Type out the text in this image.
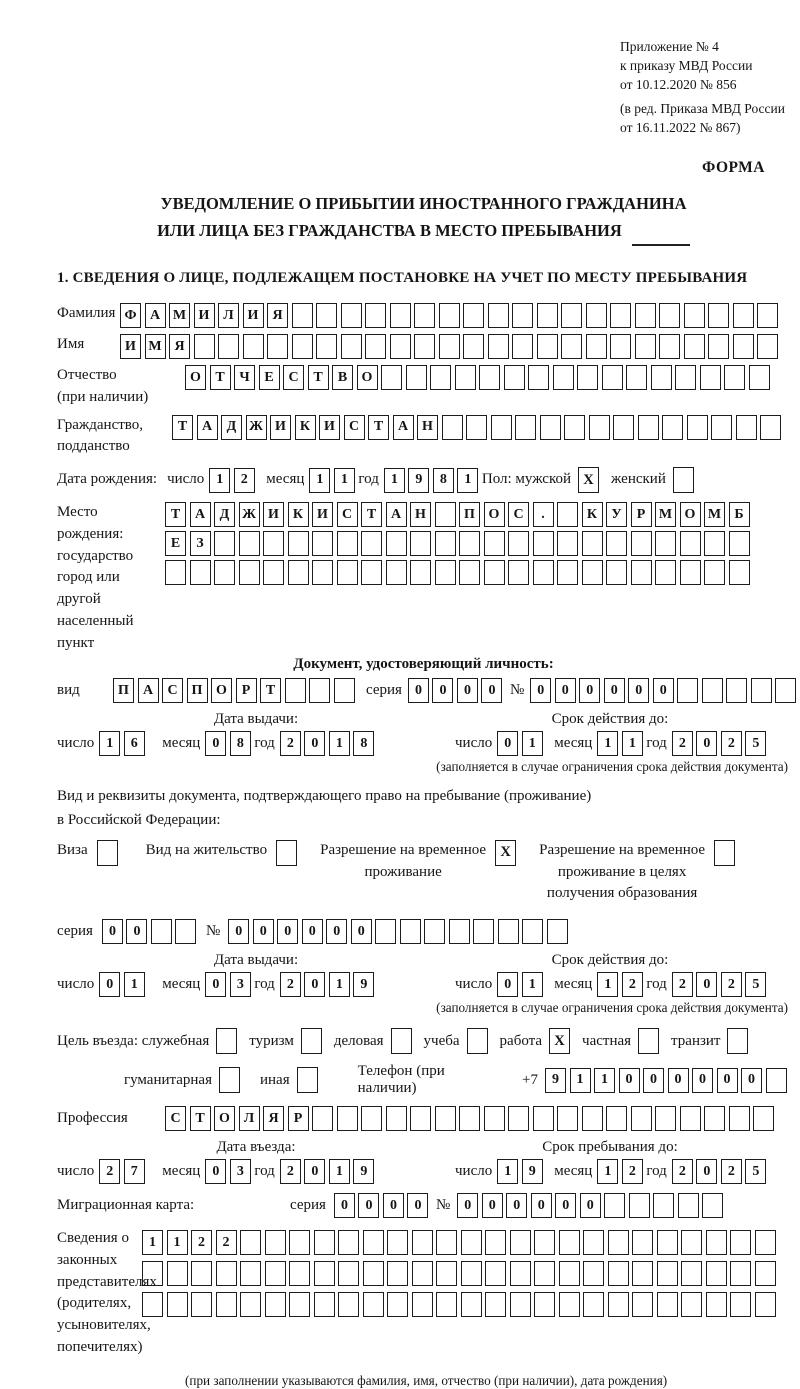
Приложение № 4
к приказу МВД России
от 10.12.2020 № 856
(в ред. Приказа МВД России
от 16.11.2022 № 867)
ФОРМА
УВЕДОМЛЕНИЕ О ПРИБЫТИИ ИНОСТРАННОГО ГРАЖДАНИНА
ИЛИ ЛИЦА БЕЗ ГРАЖДАНСТВА В МЕСТО ПРЕБЫВАНИЯ
1. СВЕДЕНИЯ О ЛИЦЕ, ПОДЛЕЖАЩЕМ ПОСТАНОВКЕ НА УЧЕТ ПО МЕСТУ ПРЕБЫВАНИЯ
Фамилия Ф А М И Л И	Я
Имя	И М Я
Отчество
(при наличии)
О	Т	Ч	Е	С	Т	В	О
Гражданство,
подданство
Т	А	Д Ж И К И	С	Т	А Н
Дата рождения: число 1	2	месяц 1	1 год 1	9	8	1 Пол: мужской X	женский
Место рождения:
государство
город или другой
населенный пункт
Т	А	Д Ж И К И	С	Т	А Н	П О	С	.	К	У	Р М О М Б
Е	З
Документ, удостоверяющий личность:
вид	П	А	С П О	Р	Т	серия 0	0	0	0 № 0	0	0	0	0	0
Дата выдачи:	Срок действия до:
число 1	6	месяц 0	8 год 2	0	1	8	число 0	1	месяц 1	1 год 2	0	2	5
(заполняется в случае ограничения срока действия документа)
Вид и реквизиты документа, подтверждающего право на пребывание (проживание)
в Российской Федерации:
Виза	Вид на жительство	Разрешение на временное проживание
X	Разрешение на временное проживание в целях получения образования
серия	0	0	№	0	0	0	0	0	0
Дата выдачи:	Срок действия до:
число 0	1	месяц 0	3 год 2	0	1	9	число 0	1	месяц 1	2 год 2	0	2	5
(заполняется в случае ограничения срока действия документа)
Цель въезда: служебная	туризм	деловая	учеба	работа X	частная	транзит
гуманитарная	иная
Телефон (при наличии)
+7	9	1	1	0	0	0	0	0	0
Профессия	С	Т	О Л	Я	Р
Дата въезда:	Срок пребывания до:
число 2	7	месяц 0	3 год 2	0	1	9	число 1	9	месяц 1	2 год 2	0	2	5
Миграционная карта:	серия	0	0	0	0 №	0	0	0	0	0	0
Сведения о
законных
представителях
(родителях,
усыновителях,
попечителях)
1	1	2	2
(при заполнении указываются фамилия, имя, отчество (при наличии), дата рождения)
